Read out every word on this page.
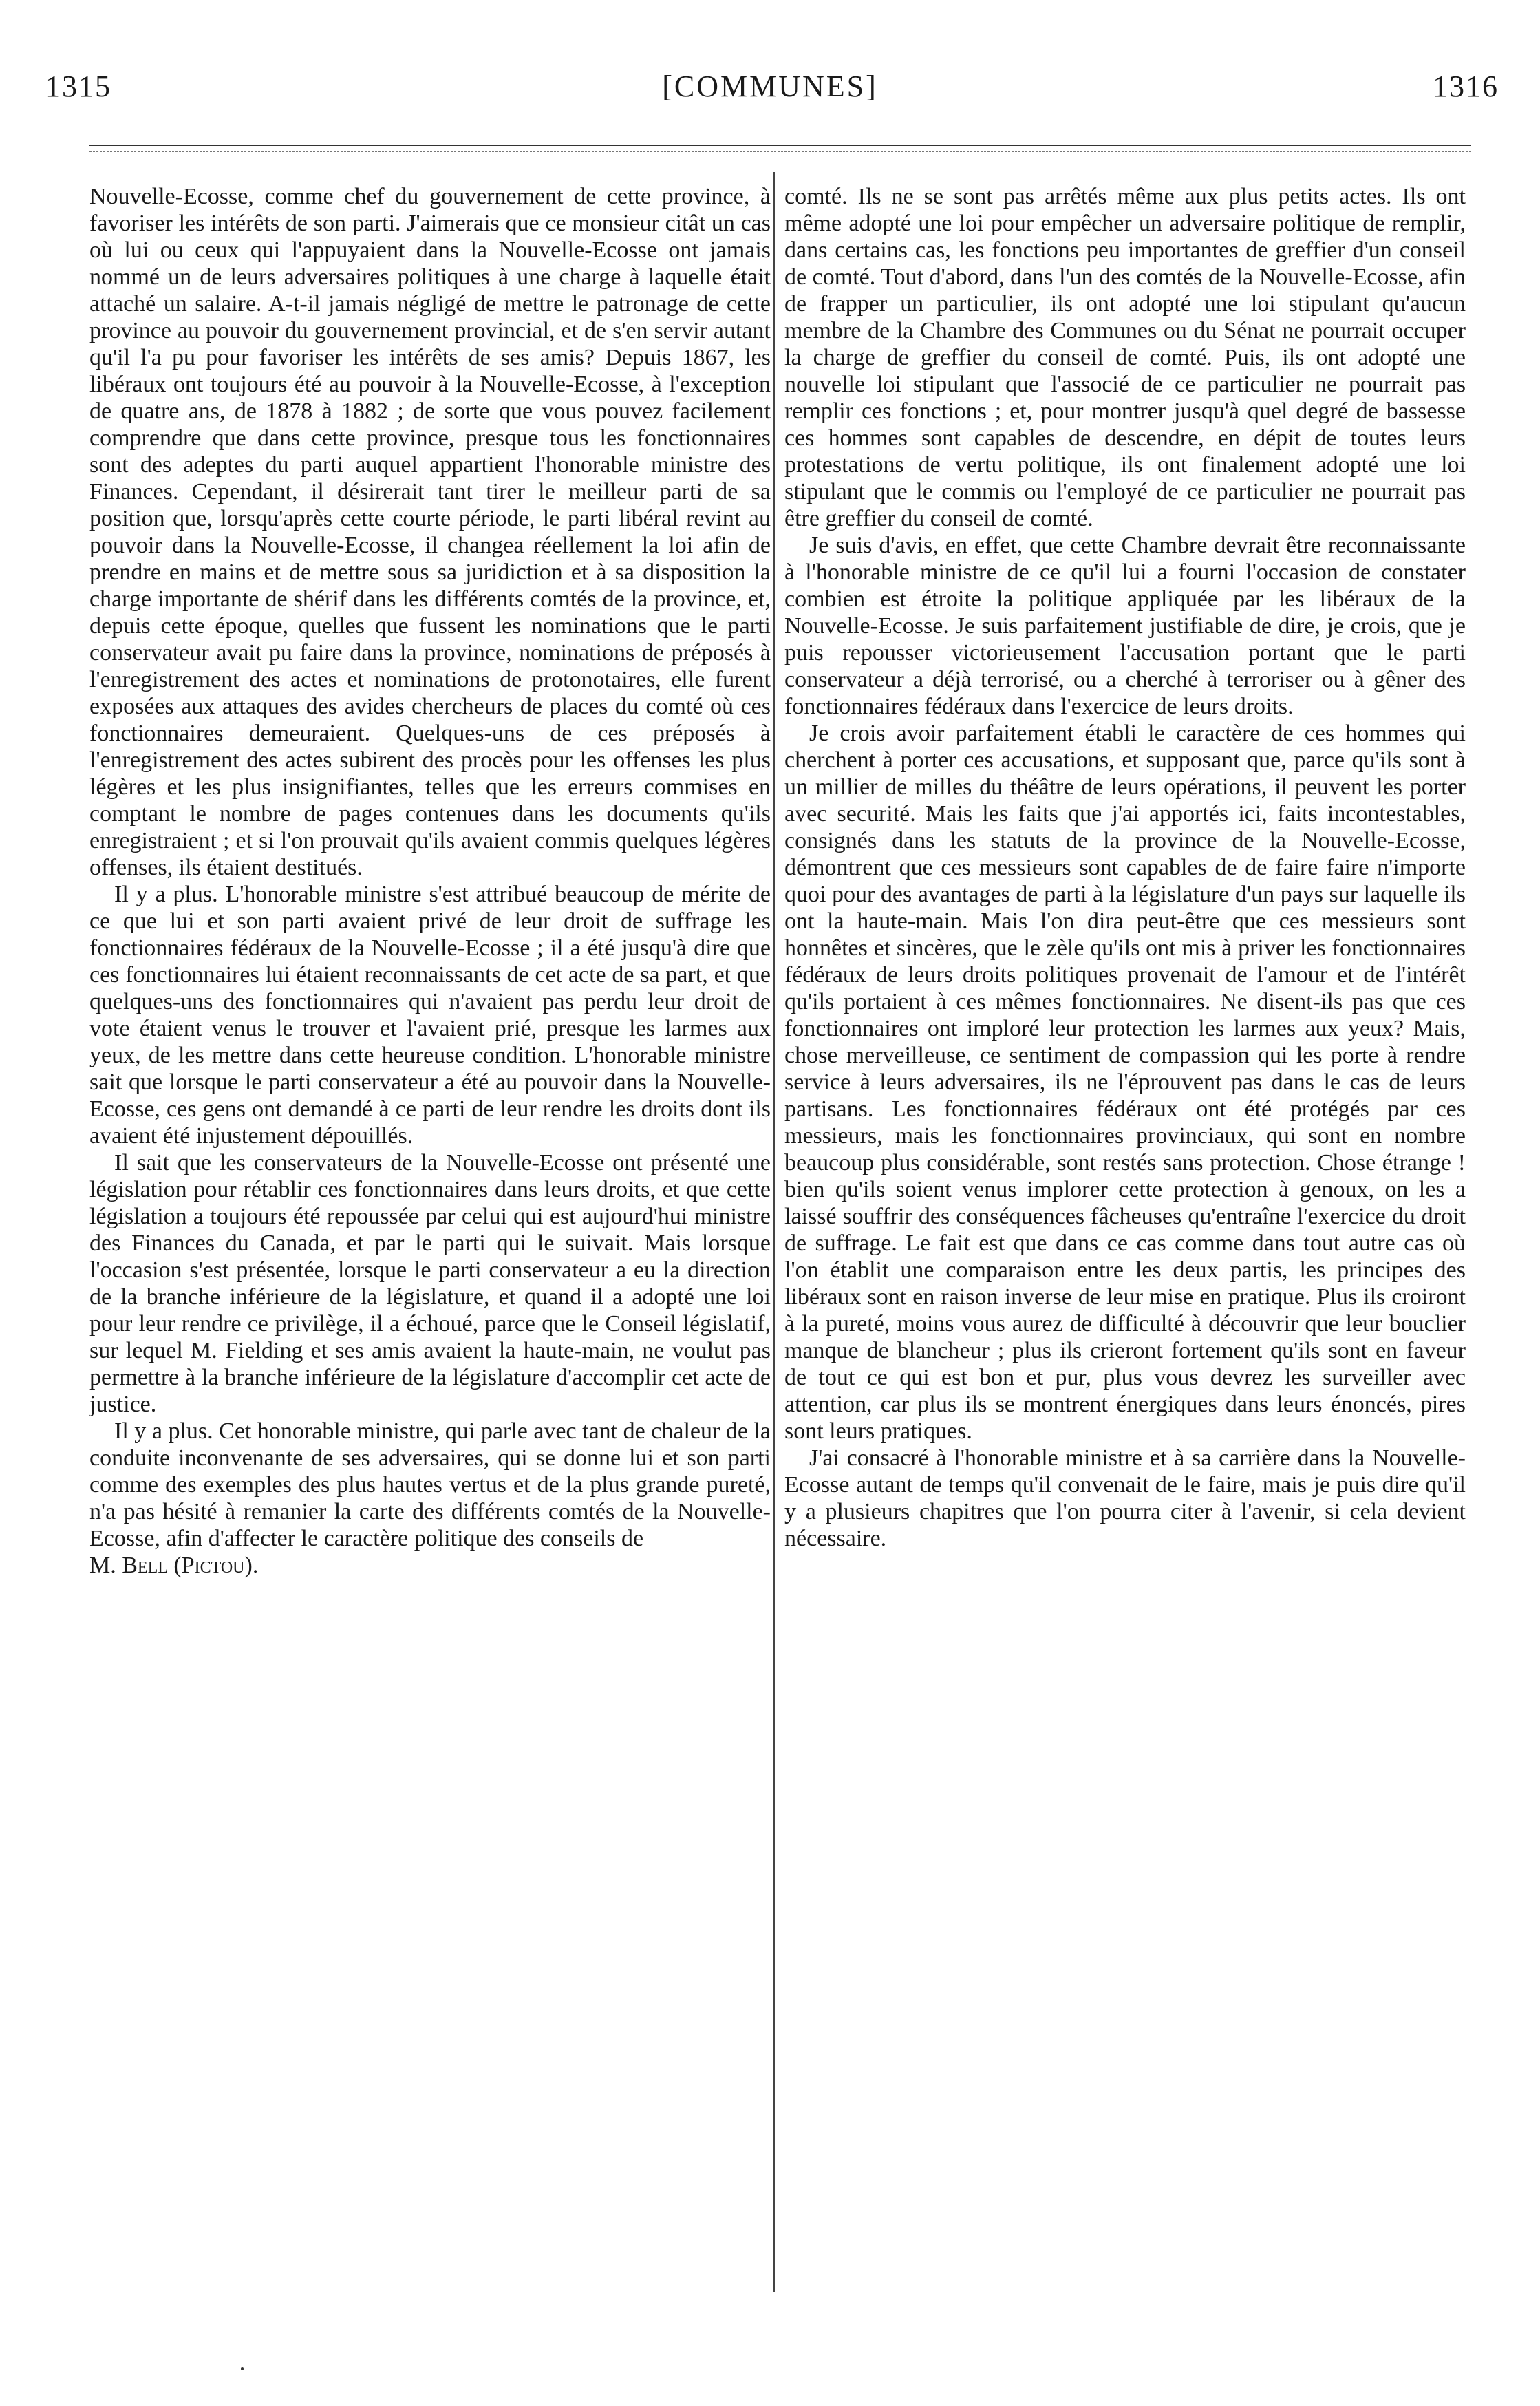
1315	[COMMUNES]	1316

Nouvelle-Ecosse, comme chef du gouvernement de cette province, à favoriser les intérêts de son parti. J'aimerais que ce monsieur citât un cas où lui ou ceux qui l'appuyaient dans la Nouvelle-Ecosse ont jamais nommé un de leurs adversaires politiques à une charge à laquelle était attaché un salaire. A-t-il jamais négligé de mettre le patronage de cette province au pouvoir du gouvernement provincial, et de s'en servir autant qu'il l'a pu pour favoriser les intérêts de ses amis? Depuis 1867, les libéraux ont toujours été au pouvoir à la Nouvelle-Ecosse, à l'exception de quatre ans, de 1878 à 1882 ; de sorte que vous pouvez facilement comprendre que dans cette province, presque tous les fonctionnaires sont des adeptes du parti auquel appartient l'honorable ministre des Finances. Cependant, il désirerait tant tirer le meilleur parti de sa position que, lorsqu'après cette courte période, le parti libéral revint au pouvoir dans la Nouvelle-Ecosse, il changea réellement la loi afin de prendre en mains et de mettre sous sa juridiction et à sa disposition la charge importante de shérif dans les différents comtés de la province, et, depuis cette époque, quelles que fussent les nominations que le parti conservateur avait pu faire dans la province, nominations de préposés à l'enregistrement des actes et nominations de protonotaires, elle furent exposées aux attaques des avides chercheurs de places du comté où ces fonctionnaires demeuraient. Quelques-uns de ces préposés à l'enregistrement des actes subirent des procès pour les offenses les plus légères et les plus insignifiantes, telles que les erreurs commises en comptant le nombre de pages contenues dans les documents qu'ils enregistraient ; et si l'on prouvait qu'ils avaient commis quelques légères offenses, ils étaient destitués.

Il y a plus. L'honorable ministre s'est attribué beaucoup de mérite de ce que lui et son parti avaient privé de leur droit de suffrage les fonctionnaires fédéraux de la Nouvelle-Ecosse ; il a été jusqu'à dire que ces fonctionnaires lui étaient reconnaissants de cet acte de sa part, et que quelques-uns des fonctionnaires qui n'avaient pas perdu leur droit de vote étaient venus le trouver et l'avaient prié, presque les larmes aux yeux, de les mettre dans cette heureuse condition. L'honorable ministre sait que lorsque le parti conservateur a été au pouvoir dans la Nouvelle-Ecosse, ces gens ont demandé à ce parti de leur rendre les droits dont ils avaient été injustement dépouillés.

Il sait que les conservateurs de la Nouvelle-Ecosse ont présenté une législation pour rétablir ces fonctionnaires dans leurs droits, et que cette législation a toujours été repoussée par celui qui est aujourd'hui ministre des Finances du Canada, et par le parti qui le suivait. Mais lorsque l'occasion s'est présentée, lorsque le parti conservateur a eu la direction de la branche inférieure de la législature, et quand il a adopté une loi pour leur rendre ce privilège, il a échoué, parce que le Conseil législatif, sur lequel M. Fielding et ses amis avaient la haute-main, ne voulut pas permettre à la branche inférieure de la législature d'accomplir cet acte de justice.

Il y a plus. Cet honorable ministre, qui parle avec tant de chaleur de la conduite inconvenante de ses adversaires, qui se donne lui et son parti comme des exemples des plus hautes vertus et de la plus grande pureté, n'a pas hésité à remanier la carte des différents comtés de la Nouvelle-Ecosse, afin d'affecter le caractère politique des conseils de

M. Bell (Pictou).

comté. Ils ne se sont pas arrêtés même aux plus petits actes. Ils ont même adopté une loi pour empêcher un adversaire politique de remplir, dans certains cas, les fonctions peu importantes de greffier d'un conseil de comté. Tout d'abord, dans l'un des comtés de la Nouvelle-Ecosse, afin de frapper un particulier, ils ont adopté une loi stipulant qu'aucun membre de la Chambre des Communes ou du Sénat ne pourrait occuper la charge de greffier du conseil de comté. Puis, ils ont adopté une nouvelle loi stipulant que l'associé de ce particulier ne pourrait pas remplir ces fonctions ; et, pour montrer jusqu'à quel degré de bassesse ces hommes sont capables de descendre, en dépit de toutes leurs protestations de vertu politique, ils ont finalement adopté une loi stipulant que le commis ou l'employé de ce particulier ne pourrait pas être greffier du conseil de comté.

Je suis d'avis, en effet, que cette Chambre devrait être reconnaissante à l'honorable ministre de ce qu'il lui a fourni l'occasion de constater combien est étroite la politique appliquée par les libéraux de la Nouvelle-Ecosse. Je suis parfaitement justifiable de dire, je crois, que je puis repousser victorieusement l'accusation portant que le parti conservateur a déjà terrorisé, ou a cherché à terroriser ou à gêner des fonctionnaires fédéraux dans l'exercice de leurs droits.

Je crois avoir parfaitement établi le caractère de ces hommes qui cherchent à porter ces accusations, et supposant que, parce qu'ils sont à un millier de milles du théâtre de leurs opérations, il peuvent les porter avec securité. Mais les faits que j'ai apportés ici, faits incontestables, consignés dans les statuts de la province de la Nouvelle-Ecosse, démontrent que ces messieurs sont capables de de faire faire n'importe quoi pour des avantages de parti à la législature d'un pays sur laquelle ils ont la haute-main. Mais l'on dira peut-être que ces messieurs sont honnêtes et sincères, que le zèle qu'ils ont mis à priver les fonctionnaires fédéraux de leurs droits politiques provenait de l'amour et de l'intérêt qu'ils portaient à ces mêmes fonctionnaires. Ne disent-ils pas que ces fonctionnaires ont imploré leur protection les larmes aux yeux? Mais, chose merveilleuse, ce sentiment de compassion qui les porte à rendre service à leurs adversaires, ils ne l'éprouvent pas dans le cas de leurs partisans. Les fonctionnaires fédéraux ont été protégés par ces messieurs, mais les fonctionnaires provinciaux, qui sont en nombre beaucoup plus considérable, sont restés sans protection. Chose étrange ! bien qu'ils soient venus implorer cette protection à genoux, on les a laissé souffrir des conséquences fâcheuses qu'entraîne l'exercice du droit de suffrage. Le fait est que dans ce cas comme dans tout autre cas où l'on établit une comparaison entre les deux partis, les principes des libéraux sont en raison inverse de leur mise en pratique. Plus ils croiront à la pureté, moins vous aurez de difficulté à découvrir que leur bouclier manque de blancheur ; plus ils crieront fortement qu'ils sont en faveur de tout ce qui est bon et pur, plus vous devrez les surveiller avec attention, car plus ils se montrent énergiques dans leurs énoncés, pires sont leurs pratiques.

J'ai consacré à l'honorable ministre et à sa carrière dans la Nouvelle-Ecosse autant de temps qu'il convenait de le faire, mais je puis dire qu'il y a plusieurs chapitres que l'on pourra citer à l'avenir, si cela devient nécessaire.
